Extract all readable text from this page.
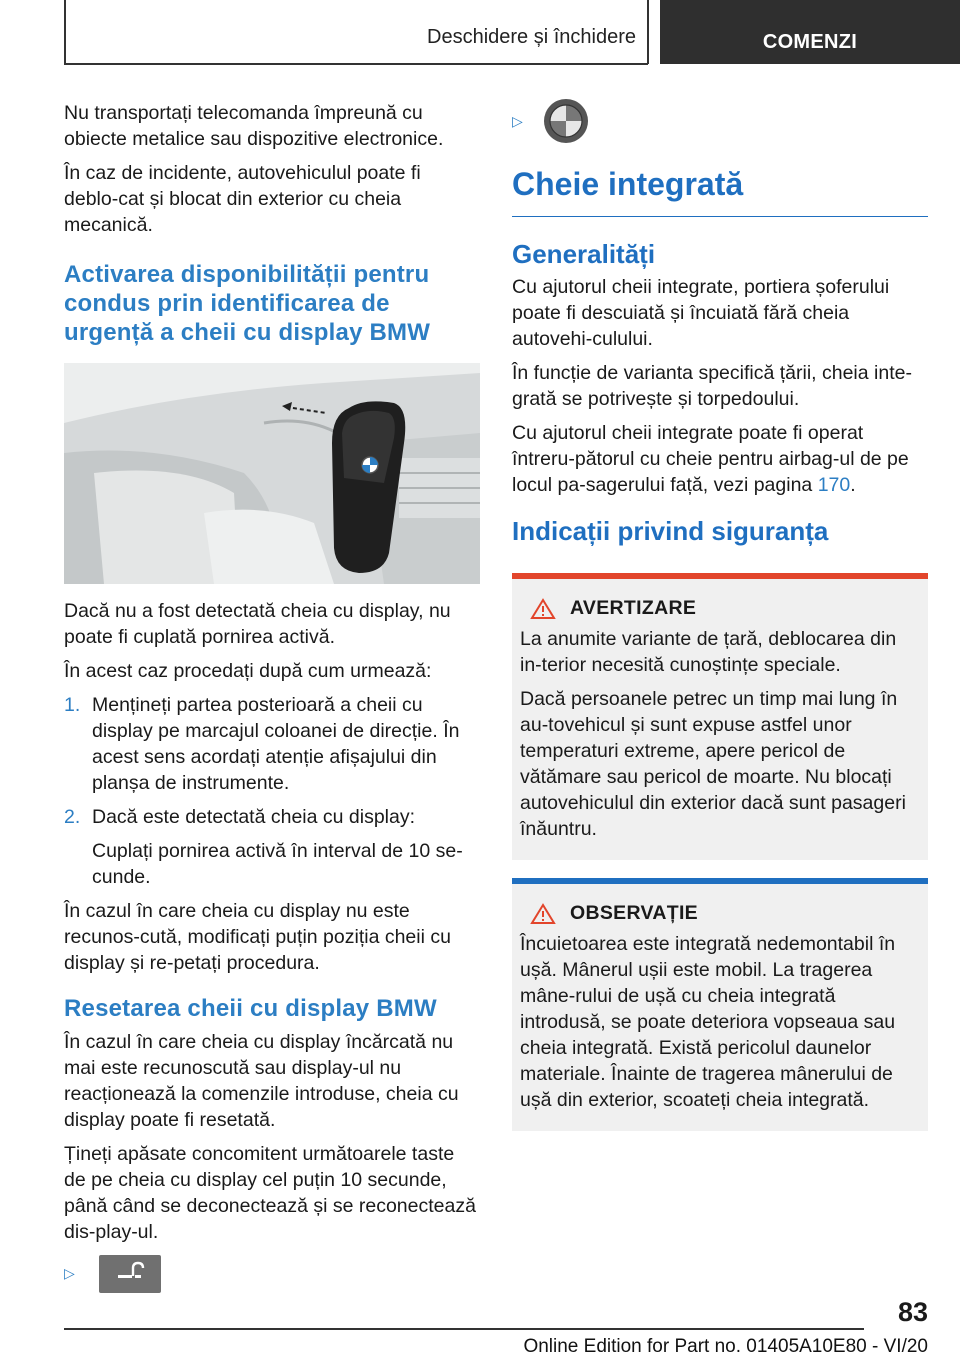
Deschidere și închidere	COMENZI

Nu transportați telecomanda împreună cu obiecte metalice sau dispozitive electronice.

În caz de incidente, autovehiculul poate fi deblo‐cat și blocat din exterior cu cheia mecanică.

Activarea disponibilității pentru condus prin identificarea de urgență a cheii cu display BMW

Dacă nu a fost detectată cheia cu display, nu poate fi cuplată pornirea activă.

În acest caz procedați după cum urmează:

1. Mențineți partea posterioară a cheii cu display pe marcajul coloanei de direcție. În acest sens acordați atenție afișajului din planșa de instrumente.
2. Dacă este detectată cheia cu display:

Cuplați pornirea activă în interval de 10 se‐cunde.

În cazul în care cheia cu display nu este recunos‐cută, modificați puțin poziția cheii cu display și re‐petați procedura.

Resetarea cheii cu display BMW

În cazul în care cheia cu display încărcată nu mai este recunoscută sau display-ul nu reacționează la comenzile introduse, cheia cu display poate fi resetată.

Țineți apăsate concomitent următoarele taste de pe cheia cu display cel puțin 10 secunde, până când se deconectează și se reconectează dis‐play-ul.

▷
▷
Cheie integrată
Generalități

Cu ajutorul cheii integrate, portiera șoferului poate fi descuiată și încuiată fără cheia autovehi‐culului.

În funcție de varianta specifică țării, cheia inte‐grată se potrivește și torpedoului.

Cu ajutorul cheii integrate poate fi operat întreru‐pătorul cu cheie pentru airbag-ul de pe locul pa‐sagerului față, vezi pagina 170.

Indicații privind siguranța
AVERTIZARE

La anumite variante de țară, deblocarea din in‐terior necesită cunoștințe speciale.

Dacă persoanele petrec un timp mai lung în au‐tovehicul și sunt expuse astfel unor temperaturi extreme, apere pericol de vătămare sau pericol de moarte. Nu blocați autovehiculul din exterior dacă sunt pasageri înăuntru.

OBSERVAȚIE

Încuietoarea este integrată nedemontabil în ușă. Mânerul ușii este mobil. La tragerea mâne‐rului de ușă cu cheia integrată introdusă, se poate deteriora vopseaua sau cheia integrată. Există pericolul daunelor materiale. Înainte de tragerea mânerului de ușă din exterior, scoateți cheia integrată.

83
Online Edition for Part no. 01405A10E80 - VI/20
